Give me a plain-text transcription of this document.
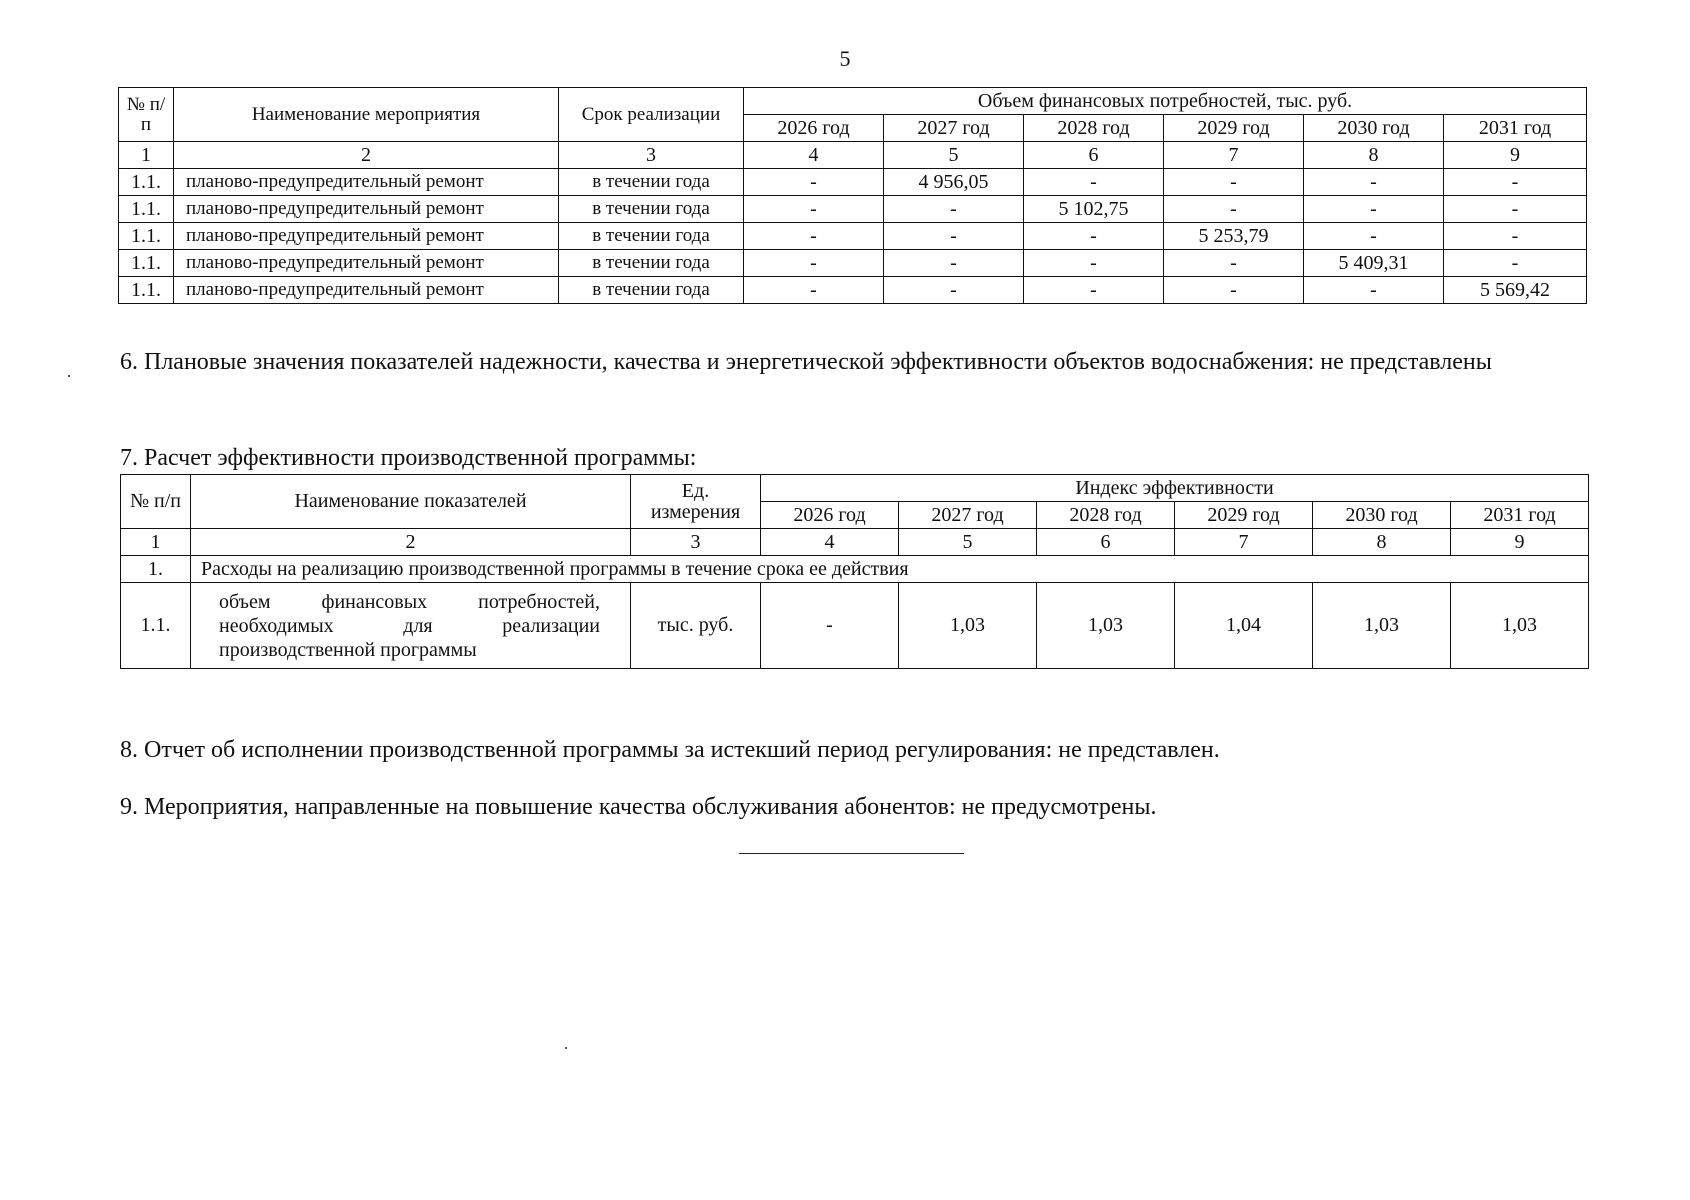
5
№ п/п	Наименование мероприятия	Срок реализации	Объем финансовых потребностей, тыс. руб.					
			2026 год	2027 год	2028 год	2029 год	2030 год	2031 год
1	2	3	4	5	6	7	8	9
1.1.	планово-предупредительный ремонт	в течении года	-	4 956,05	-	-	-	-
1.1.	планово-предупредительный ремонт	в течении года	-	-	5 102,75	-	-	-
1.1.	планово-предупредительный ремонт	в течении года	-	-	-	5 253,79	-	-
1.1.	планово-предупредительный ремонт	в течении года	-	-	-	-	5 409,31	-
1.1.	планово-предупредительный ремонт	в течении года	-	-	-	-	-	5 569,42

6. Плановые значения показателей надежности, качества и энергетической эффективности объектов водоснабжения: не представлены

7. Расчет эффективности производственной программы:

№ п/п	Наименование показателей	Ед. измерения	Индекс эффективности					
			2026 год	2027 год	2028 год	2029 год	2030 год	2031 год
1	2	3	4	5	6	7	8	9
1.	Расходы на реализацию производственной программы в течение срока ее действия							
1.1.	объем финансовых потребностей, необходимых для реализации производственной программы	тыс. руб.	-	1,03	1,03	1,04	1,03	1,03

8. Отчет об исполнении производственной программы за истекший период регулирования: не представлен.

9. Мероприятия, направленные на повышение качества обслуживания абонентов: не предусмотрены.
